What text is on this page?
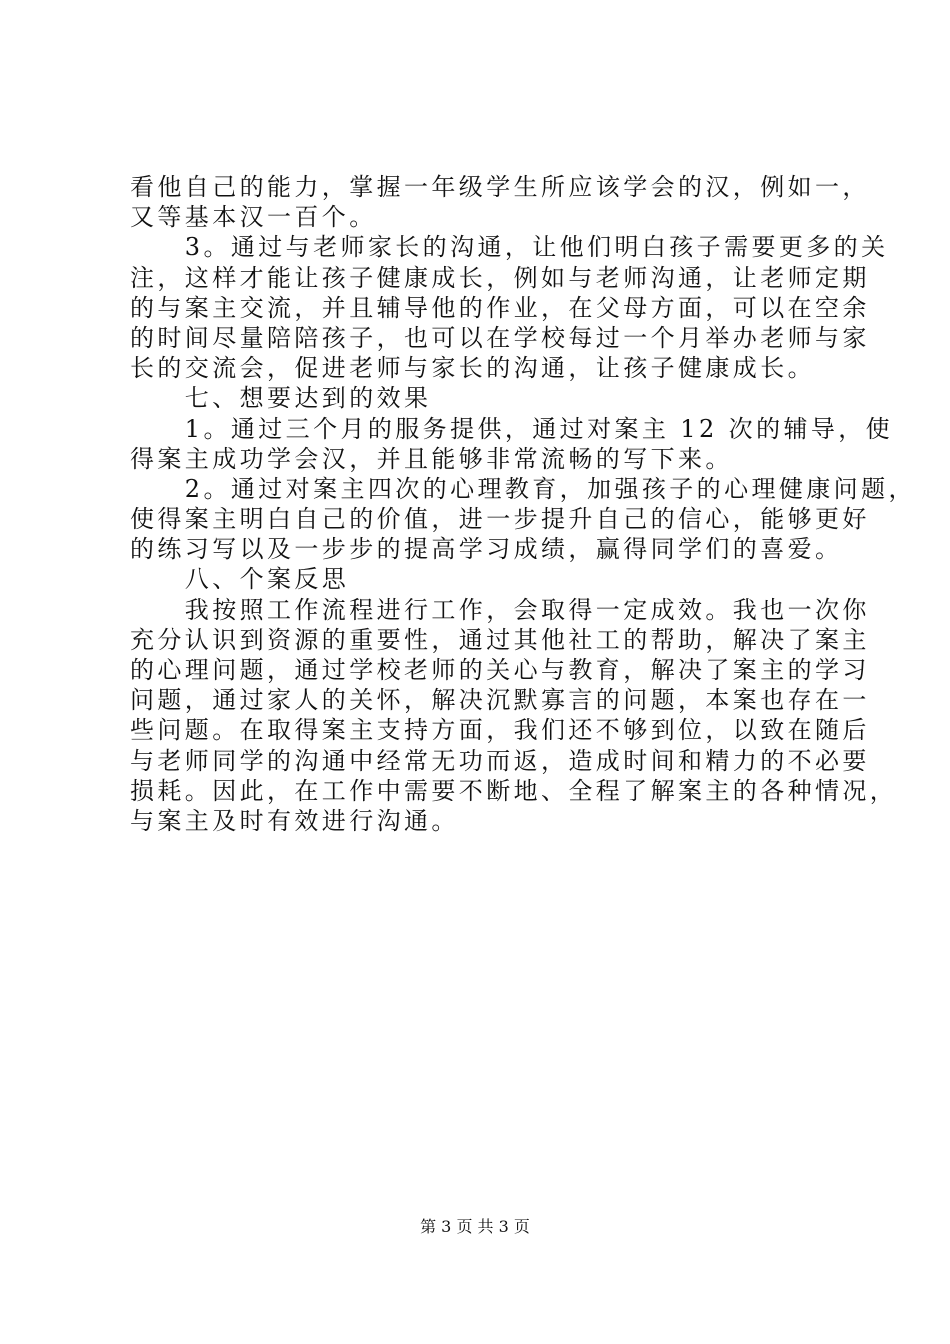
看他自己的能力，掌握一年级学生所应该学会的汉，例如一，
又等基本汉一百个。
　　3。通过与老师家长的沟通，让他们明白孩子需要更多的关
注，这样才能让孩子健康成长，例如与老师沟通，让老师定期
的与案主交流，并且辅导他的作业，在父母方面，可以在空余
的时间尽量陪陪孩子，也可以在学校每过一个月举办老师与家
长的交流会，促进老师与家长的沟通，让孩子健康成长。
　　七、想要达到的效果
　　1。通过三个月的服务提供，通过对案主 12 次的辅导，使
得案主成功学会汉，并且能够非常流畅的写下来。
　　2。通过对案主四次的心理教育，加强孩子的心理健康问题，
使得案主明白自己的价值，进一步提升自己的信心，能够更好
的练习写以及一步步的提高学习成绩，赢得同学们的喜爱。
　　八、个案反思
　　我按照工作流程进行工作，会取得一定成效。我也一次你
充分认识到资源的重要性，通过其他社工的帮助，解决了案主
的心理问题，通过学校老师的关心与教育，解决了案主的学习
问题，通过家人的关怀，解决沉默寡言的问题，本案也存在一
些问题。在取得案主支持方面，我们还不够到位，以致在随后
与老师同学的沟通中经常无功而返，造成时间和精力的不必要
损耗。因此，在工作中需要不断地、全程了解案主的各种情况，
与案主及时有效进行沟通。
第 3 页 共 3 页
